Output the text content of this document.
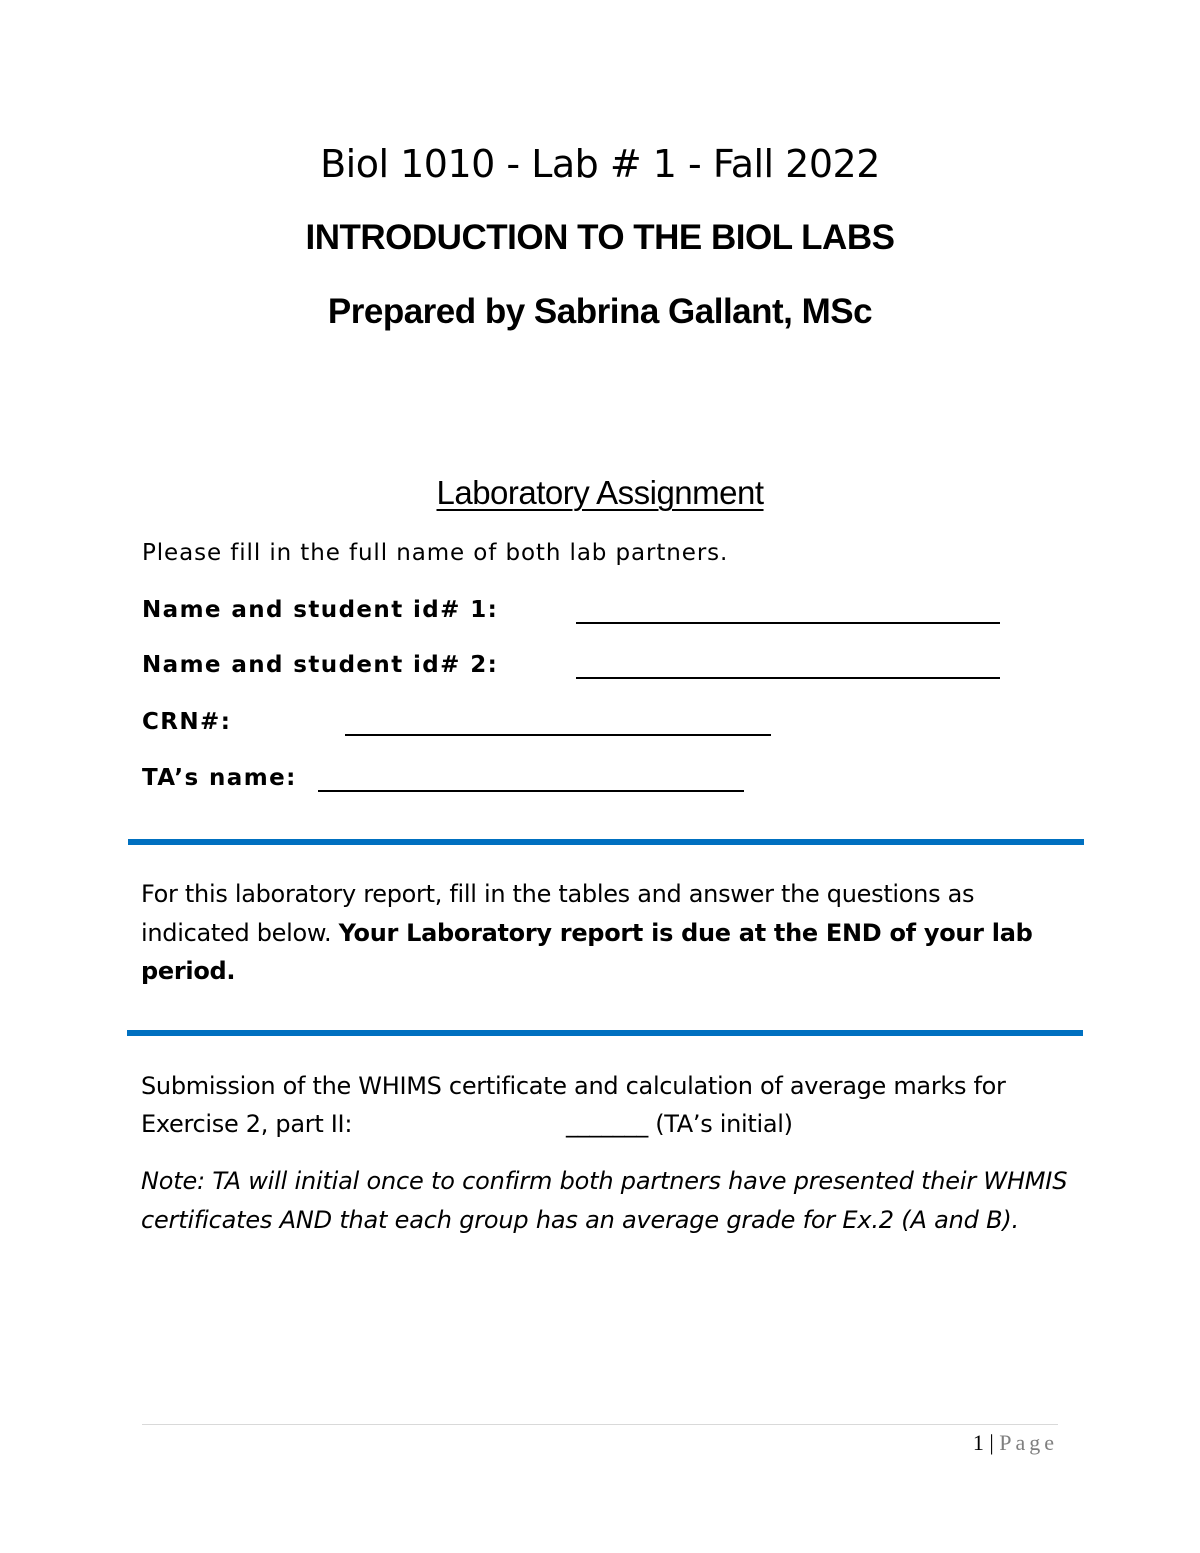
Biol 1010 - Lab # 1 - Fall 2022
INTRODUCTION TO THE BIOL LABS
Prepared by Sabrina Gallant, MSc
Laboratory Assignment
Please fill in the full name of both lab partners.
Name and student id# 1:
Name and student id# 2:
CRN#:
TA’s name:
For this laboratory report, fill in the tables and answer the questions as indicated below. Your Laboratory report is due at the END of your lab period.
Submission of the WHIMS certificate and calculation of average marks for
Exercise 2, part II:	_______ (TA’s initial)
Note: TA will initial once to confirm both partners have presented their WHMIS certificates AND that each group has an average grade for Ex.2 (A and B).
1 | Page
